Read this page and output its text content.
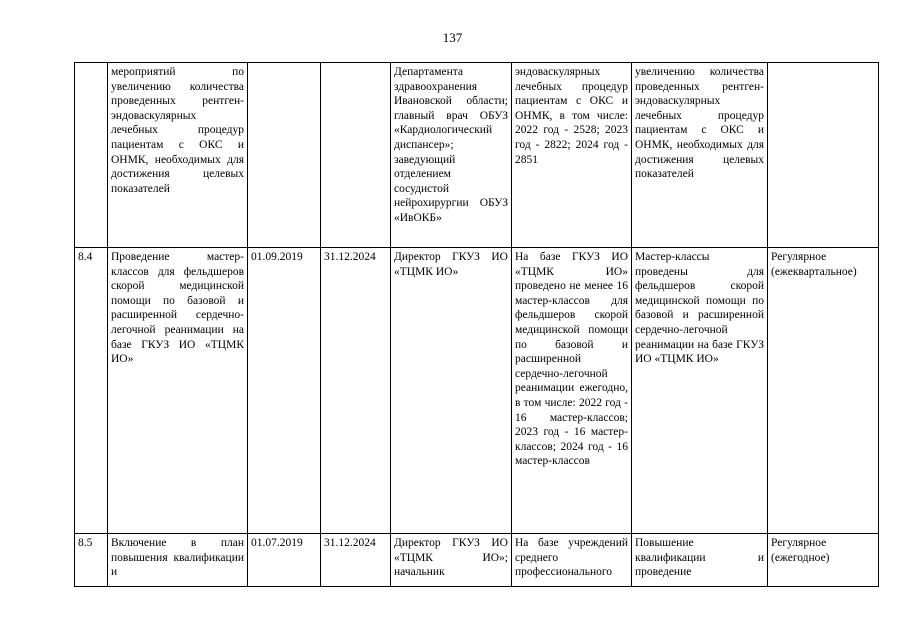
137
	мероприятий по увеличению количества проведенных рентген-эндоваскулярных лечебных процедур пациентам с ОКС и ОНМК, необходимых для достижения целевых показателей			Департамента здравоохранения Ивановской области; главный врач ОБУЗ «Кардиологический диспансер»; заведующий отделением сосудистой нейрохирургии ОБУЗ «ИвОКБ»	эндоваскулярных лечебных процедур пациентам с ОКС и ОНМК, в том числе: 2022 год - 2528; 2023 год - 2822; 2024 год - 2851	увеличению количества проведенных рентген-эндоваскулярных лечебных процедур пациентам с ОКС и ОНМК, необходимых для достижения целевых показателей	
8.4	Проведение мастер-классов для фельдшеров скорой медицинской помощи по базовой и расширенной сердечно-легочной реанимации на базе ГКУЗ ИО «ТЦМК ИО»	01.09.2019	31.12.2024	Директор ГКУЗ ИО «ТЦМК ИО»	На базе ГКУЗ ИО «ТЦМК ИО» проведено не менее 16 мастер-классов для фельдшеров скорой медицинской помощи по базовой и расширенной сердечно-легочной реанимации ежегодно, в том числе: 2022 год - 16 мастер-классов; 2023 год - 16 мастер-классов; 2024 год - 16 мастер-классов	Мастер-классы проведены для фельдшеров скорой медицинской помощи по базовой и расширенной сердечно-легочной реанимации на базе ГКУЗ ИО «ТЦМК ИО»	Регулярное (ежеквартальное)
8.5	Включение в план повышения квалификации и	01.07.2019	31.12.2024	Директор ГКУЗ ИО «ТЦМК ИО»; начальник	На базе учреждений среднего профессионального	Повышение квалификации и проведение	Регулярное (ежегодное)
